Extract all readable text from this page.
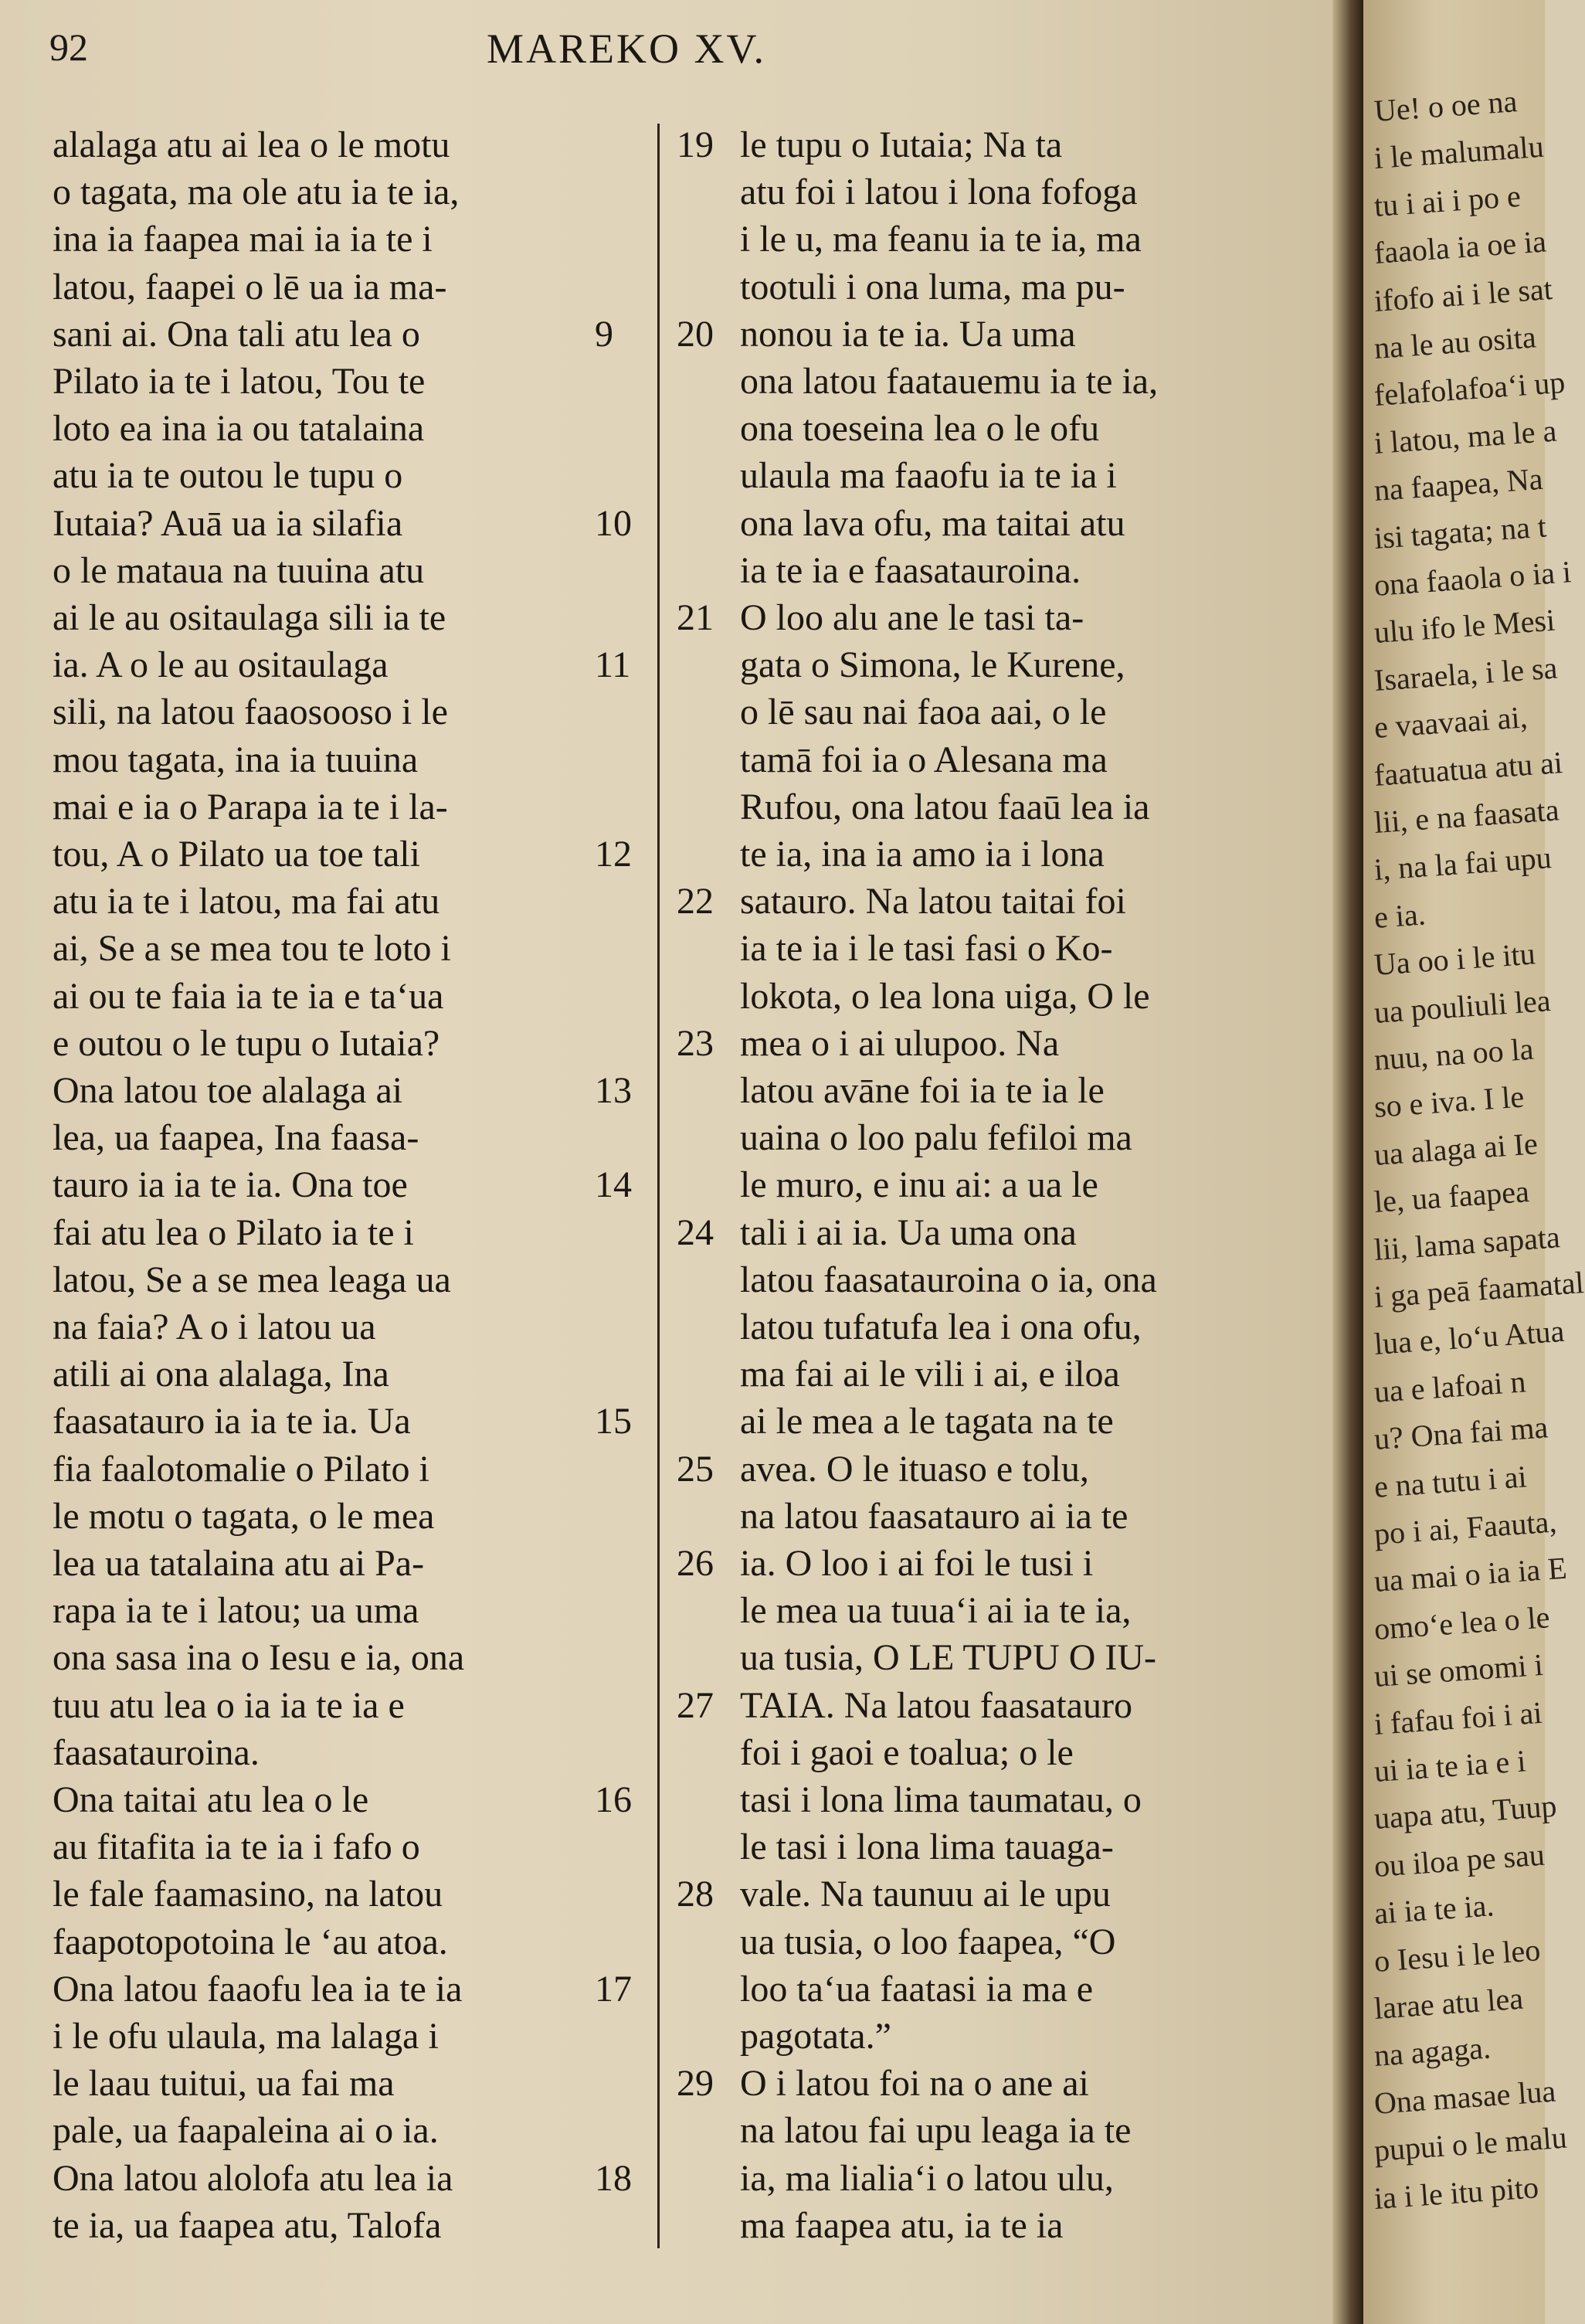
92	MAREKO XV.
alalaga atu ai lea o le motu
o tagata, ma ole atu ia te ia,
ina ia faapea mai ia ia te i
latou, faapei o lē ua ia ma-
sani ai. Ona tali atu lea o
Pilato ia te i latou, Tou te
loto ea ina ia ou tatalaina
atu ia te outou le tupu o
Iutaia? Auā ua ia silafia
o le mataua na tuuina atu
ai le au ositaulaga sili ia te
ia. A o le au ositaulaga
sili, na latou faaosooso i le
mou tagata, ina ia tuuina
mai e ia o Parapa ia te i la-
tou, A o Pilato ua toe tali
atu ia te i latou, ma fai atu
ai, Se a se mea tou te loto i
ai ou te faia ia te ia e taʻua
e outou o le tupu o Iutaia?
Ona latou toe alalaga ai
lea, ua faapea, Ina faasa-
tauro ia ia te ia. Ona toe
fai atu lea o Pilato ia te i
latou, Se a se mea leaga ua
na faia? A o i latou ua
atili ai ona alalaga, Ina
faasatauro ia ia te ia. Ua
fia faalotomalie o Pilato i
le motu o tagata, o le mea
lea ua tatalaina atu ai Pa-
rapa ia te i latou; ua uma
ona sasa ina o Iesu e ia, ona
tuu atu lea o ia ia te ia e
faasatauroina.
Ona taitai atu lea o le
au fitafita ia te ia i fafo o
le fale faamasino, na latou
faapotopotoina le ʻau atoa.
Ona latou faaofu lea ia te ia
i le ofu ulaula, ma lalaga i
le laau tuitui, ua fai ma
pale, ua faapaleina ai o ia.
Ona latou alolofa atu lea ia
te ia, ua faapea atu, Talofa
9
10
11
12
13
14
15
16
17
18
le tupu o Iutaia; Na ta
atu foi i latou i lona fofoga
i le u, ma feanu ia te ia, ma
tootuli i ona luma, ma pu-
nonou ia te ia. Ua uma
ona latou faatauemu ia te ia,
ona toeseina lea o le ofu
ulaula ma faaofu ia te ia i
ona lava ofu, ma taitai atu
ia te ia e faasatauroina.
O loo alu ane le tasi ta-
gata o Simona, le Kurene,
o lē sau nai faoa aai, o le
tamā foi ia o Alesana ma
Rufou, ona latou faaū lea ia
te ia, ina ia amo ia i lona
satauro. Na latou taitai foi
ia te ia i le tasi fasi o Ko-
lokota, o lea lona uiga, O le
mea o i ai ulupoo. Na
latou avāne foi ia te ia le
uaina o loo palu fefiloi ma
le muro, e inu ai: a ua le
tali i ai ia. Ua uma ona
latou faasatauroina o ia, ona
latou tufatufa lea i ona ofu,
ma fai ai le vili i ai, e iloa
ai le mea a le tagata na te
avea. O le ituaso e tolu,
na latou faasatauro ai ia te
ia. O loo i ai foi le tusi i
le mea ua tuuaʻi ai ia te ia,
ua tusia, O LE TUPU O IU-
TAIA. Na latou faasatauro
foi i gaoi e toalua; o le
tasi i lona lima taumatau, o
le tasi i lona lima tauaga-
vale. Na taunuu ai le upu
ua tusia, o loo faapea, “O
loo taʻua faatasi ia ma e
pagotata.”
O i latou foi na o ane ai
na latou fai upu leaga ia te
ia, ma lialiaʻi o latou ulu,
ma faapea atu, ia te ia
19
20
21
22
23
24
25
26
27
28
29
Ue! o oe na
i le malumalu
tu i ai i po e
faaola ia oe ia
ifofo ai i le sat
na le au osita
felafolafoaʻi up
i latou, ma le a
na faapea, Na
isi tagata; na t
ona faaola o ia i
ulu ifo le Mesi
Isaraela, i le sa
e vaavaai ai,
faatuatua atu ai
lii, e na faasata
i, na la fai upu
e ia.
Ua oo i le itu
ua pouliuli lea
nuu, na oo la
so e iva. I le
ua alaga ai Ie
le, ua faapea
lii, lama sapata
i ga peā faamatal
lua e, loʻu Atua
ua e lafoai n
u? Ona fai ma
e na tutu i ai
po i ai, Faauta,
ua mai o ia ia E
omoʻe lea o le
ui se omomi i
i fafau foi i ai
ui ia te ia e i
uapa atu, Tuup
ou iloa pe sau
ai ia te ia.
o Iesu i le leo
larae atu lea
na agaga.
Ona masae lua
pupui o le malu
ia i le itu pito
